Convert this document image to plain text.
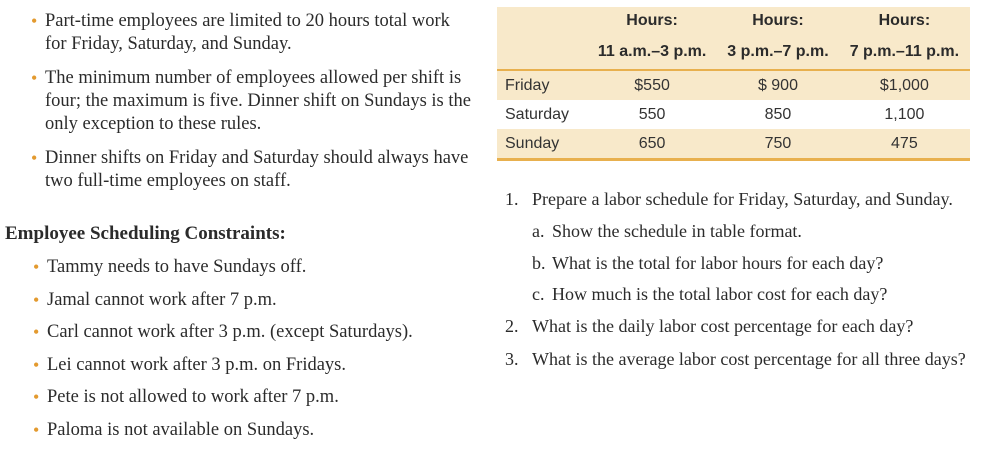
• Part-time employees are limited to 20 hours total work for Friday, Saturday, and Sunday.
• The minimum number of employees allowed per shift is four; the maximum is five. Dinner shift on Sundays is the only exception to these rules.
• Dinner shifts on Friday and Saturday should always have two full-time employees on staff.
Employee Scheduling Constraints:
• Tammy needs to have Sundays off.
• Jamal cannot work after 7 p.m.
• Carl cannot work after 3 p.m. (except Saturdays).
• Lei cannot work after 3 p.m. on Fridays.
• Pete is not allowed to work after 7 p.m.
• Paloma is not available on Sundays.
	Hours:	Hours:	Hours:
	11 a.m.–3 p.m.	3 p.m.–7 p.m.	7 p.m.–11 p.m.
Friday	$550	$ 900	$1,000
Saturday	550	850	1,100
Sunday	650	750	475
1. Prepare a labor schedule for Friday, Saturday, and Sunday.
a. Show the schedule in table format.
b. What is the total for labor hours for each day?
c. How much is the total labor cost for each day?
2. What is the daily labor cost percentage for each day?
3. What is the average labor cost percentage for all three days?
